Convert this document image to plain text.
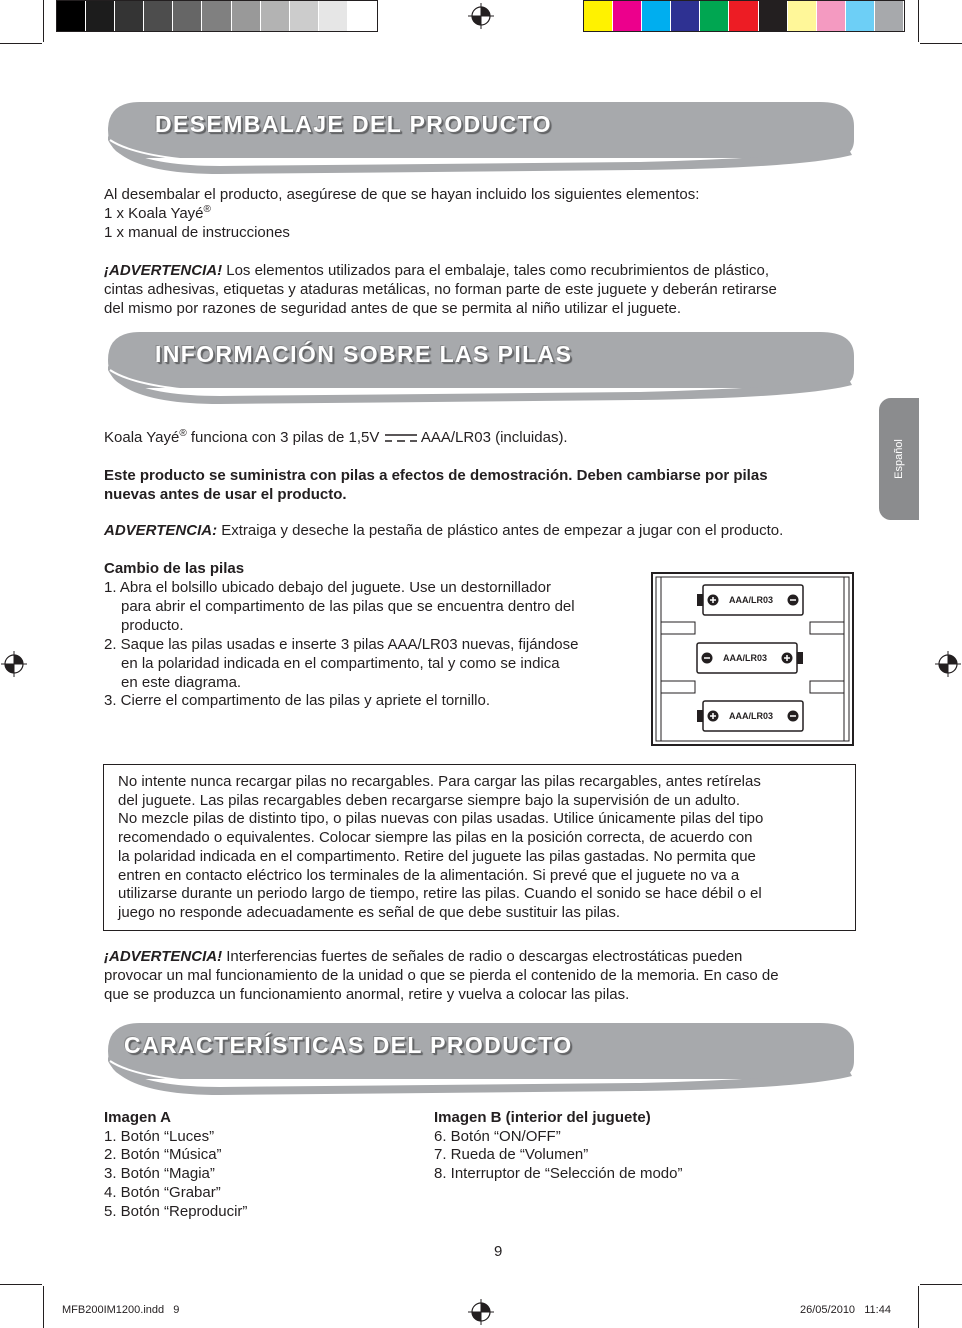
Español
DESEMBALAJE DEL PRODUCTO
Al desembalar el producto, asegúrese de que se hayan incluido los siguientes elementos:
1 x Koala Yayé®
1 x manual de instrucciones
¡ADVERTENCIA! Los elementos utilizados para el embalaje, tales como recubrimientos de plástico,
cintas adhesivas, etiquetas y ataduras metálicas, no forman parte de este juguete y deberán retirarse
del mismo por razones de seguridad antes de que se permita al niño utilizar el juguete.
INFORMACIÓN SOBRE LAS PILAS
Koala Yayé® funciona con 3 pilas de 1,5V  AAA/LR03 (incluidas).
Este producto se suministra con pilas a efectos de demostración. Deben cambiarse por pilas
nuevas antes de usar el producto.
ADVERTENCIA: Extraiga y deseche la pestaña de plástico antes de empezar a jugar con el producto.
Cambio de las pilas
1. Abra el bolsillo ubicado debajo del juguete. Use un destornillador
para abrir el compartimento de las pilas que se encuentra dentro del
producto.
2. Saque las pilas usadas e inserte 3 pilas AAA/LR03 nuevas, fijándose
en la polaridad indicada en el compartimento, tal y como se indica
en este diagrama.
3. Cierre el compartimento de las pilas y apriete el tornillo.
AAA/LR03
AAA/LR03
AAA/LR03
No intente nunca recargar pilas no recargables. Para cargar las pilas recargables, antes retírelas
del juguete. Las pilas recargables deben recargarse siempre bajo la supervisión de un adulto.
No mezcle pilas de distinto tipo, o pilas nuevas con pilas usadas. Utilice únicamente pilas del tipo
recomendado o equivalentes. Colocar siempre las pilas en la posición correcta, de acuerdo con
la polaridad indicada en el compartimento. Retire del juguete las pilas gastadas. No permita que
entren en contacto eléctrico los terminales de la alimentación. Si prevé que el juguete no va a
utilizarse durante un periodo largo de tiempo, retire las pilas. Cuando el sonido se hace débil o el
juego no responde adecuadamente es señal de que debe sustituir las pilas.
¡ADVERTENCIA! Interferencias fuertes de señales de radio o descargas electrostáticas pueden
provocar un mal funcionamiento de la unidad o que se pierda el contenido de la memoria. En caso de
que se produzca un funcionamiento anormal, retire y vuelva a colocar las pilas.
CARACTERÍSTICAS DEL PRODUCTO
Imagen A
1. Botón “Luces”
2. Botón “Música”
3. Botón “Magia”
4. Botón “Grabar”
5. Botón “Reproducir”
Imagen B (interior del juguete)
6. Botón “ON/OFF”
7. Rueda de “Volumen”
8. Interruptor de “Selección de modo”
9
MFB200IM1200.indd   9	26/05/2010   11:44
